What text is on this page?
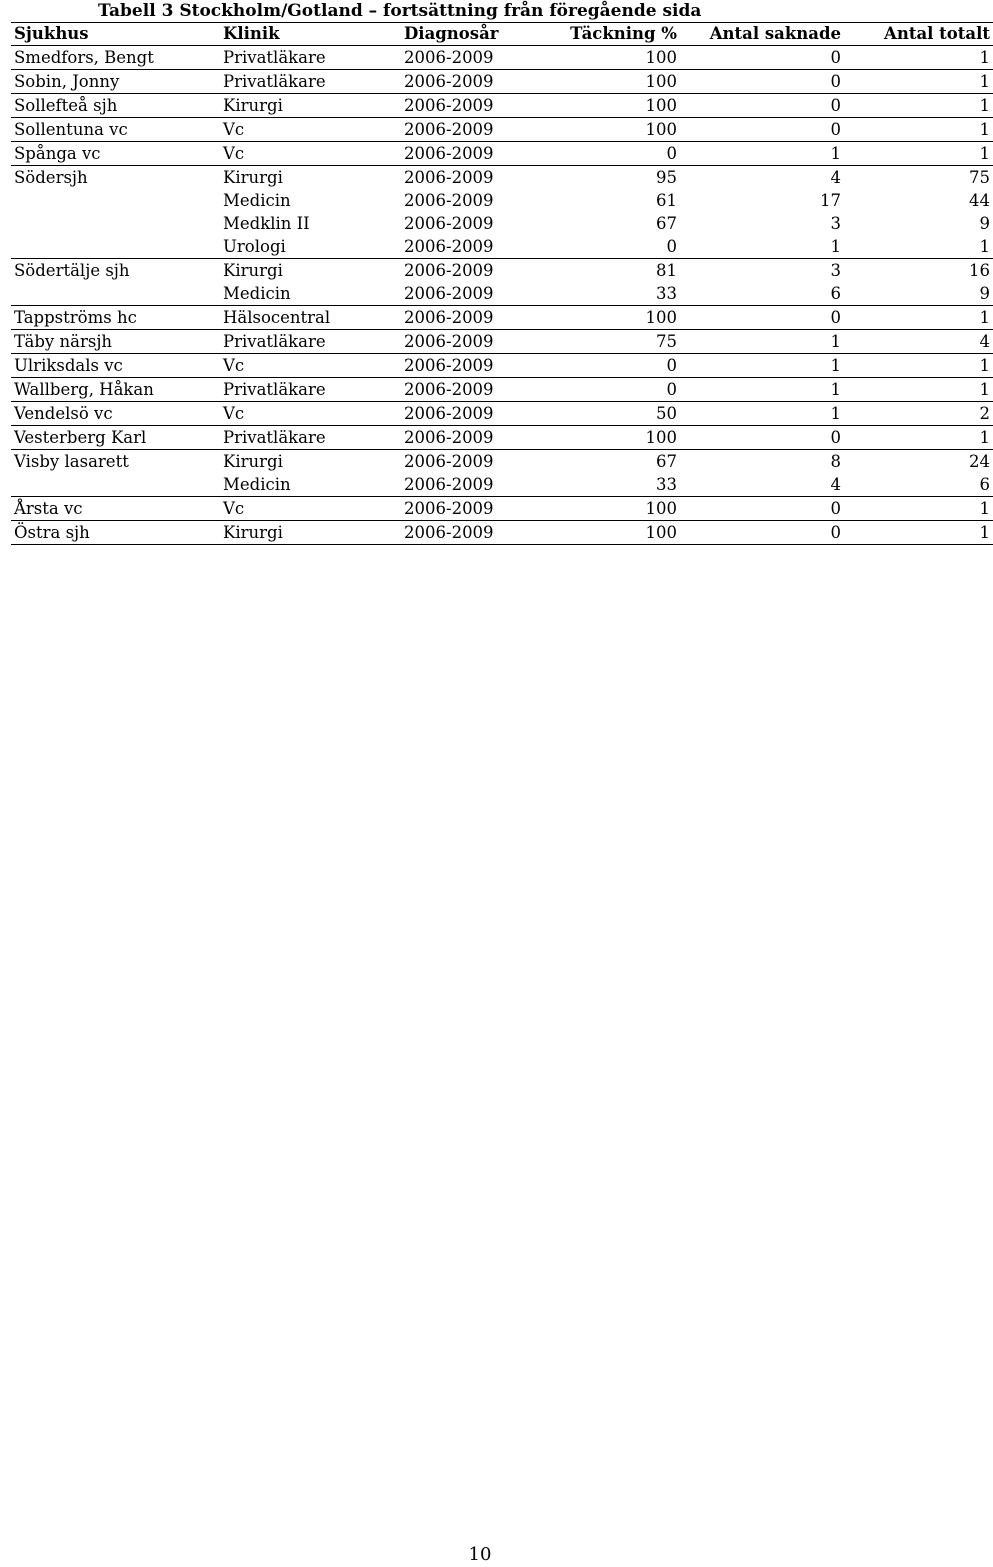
Tabell 3 Stockholm/Gotland – fortsättning från föregående sida
Sjukhus	Klinik	Diagnosår	Täckning %	Antal saknade	Antal totalt
Smedfors, Bengt	Privatläkare	2006-2009	100	0	1
Sobin, Jonny	Privatläkare	2006-2009	100	0	1
Sollefteå sjh	Kirurgi	2006-2009	100	0	1
Sollentuna vc	Vc	2006-2009	100	0	1
Spånga vc	Vc	2006-2009	0	1	1
Södersjh	Kirurgi	2006-2009	95	4	75
	Medicin	2006-2009	61	17	44
	Medklin II	2006-2009	67	3	9
	Urologi	2006-2009	0	1	1
Södertälje sjh	Kirurgi	2006-2009	81	3	16
	Medicin	2006-2009	33	6	9
Tappströms hc	Hälsocentral	2006-2009	100	0	1
Täby närsjh	Privatläkare	2006-2009	75	1	4
Ulriksdals vc	Vc	2006-2009	0	1	1
Wallberg, Håkan	Privatläkare	2006-2009	0	1	1
Vendelsö vc	Vc	2006-2009	50	1	2
Vesterberg Karl	Privatläkare	2006-2009	100	0	1
Visby lasarett	Kirurgi	2006-2009	67	8	24
	Medicin	2006-2009	33	4	6
Årsta vc	Vc	2006-2009	100	0	1
Östra sjh	Kirurgi	2006-2009	100	0	1
10
